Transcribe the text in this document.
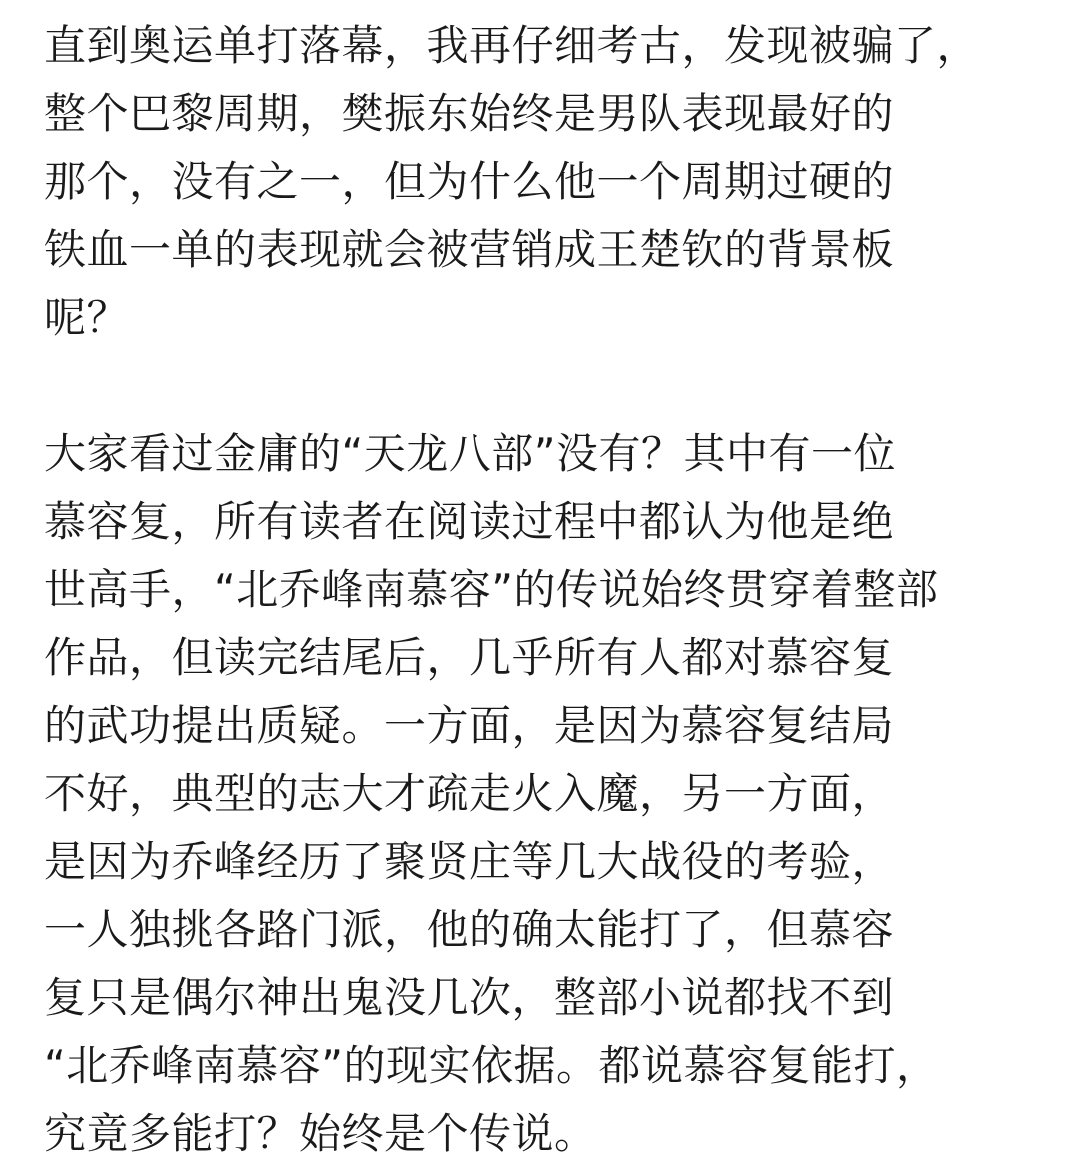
直到奥运单打落幕，我再仔细考古，发现被骗了，
整个巴黎周期，樊振东始终是男队表现最好的
那个，没有之一，但为什么他一个周期过硬的
铁血一单的表现就会被营销成王楚钦的背景板
呢？
大家看过金庸的“天龙八部”没有？其中有一位
慕容复，所有读者在阅读过程中都认为他是绝
世高手，“北乔峰南慕容”的传说始终贯穿着整部
作品，但读完结尾后，几乎所有人都对慕容复
的武功提出质疑。一方面，是因为慕容复结局
不好，典型的志大才疏走火入魔，另一方面，
是因为乔峰经历了聚贤庄等几大战役的考验，
一人独挑各路门派，他的确太能打了，但慕容
复只是偶尔神出鬼没几次，整部小说都找不到
“北乔峰南慕容”的现实依据。都说慕容复能打，
究竟多能打？始终是个传说。
